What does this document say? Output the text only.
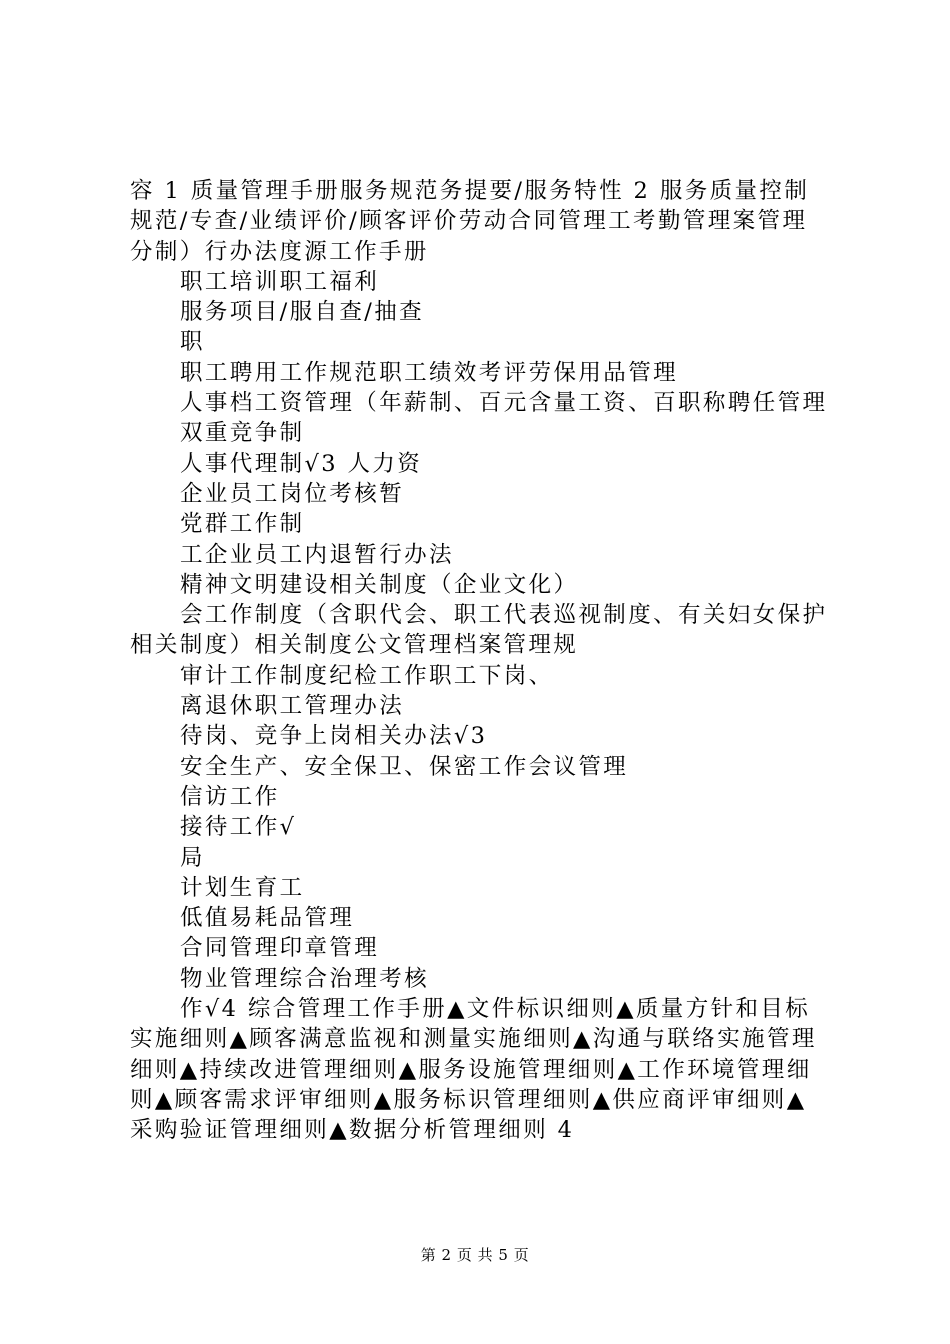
容 1 质量管理手册服务规范务提要/服务特性 2 服务质量控制规范/专查/业绩评价/顾客评价劳动合同管理工考勤管理案管理分制）行办法度源工作手册

职工培训职工福利

服务项目/服自查/抽查

职

职工聘用工作规范职工绩效考评劳保用品管理

人事档工资管理（年薪制、百元含量工资、百职称聘任管理

双重竞争制

人事代理制√3 人力资

企业员工岗位考核暂

党群工作制

工企业员工内退暂行办法

精神文明建设相关制度（企业文化）

会工作制度（含职代会、职工代表巡视制度、有关妇女保护相关制度）相关制度公文管理档案管理规

审计工作制度纪检工作职工下岗、

离退休职工管理办法

待岗、竞争上岗相关办法√3

安全生产、安全保卫、保密工作会议管理

信访工作

接待工作√

局

计划生育工

低值易耗品管理

合同管理印章管理

物业管理综合治理考核

作√4 综合管理工作手册▲文件标识细则▲质量方针和目标实施细则▲顾客满意监视和测量实施细则▲沟通与联络实施管理细则▲持续改进管理细则▲服务设施管理细则▲工作环境管理细则▲顾客需求评审细则▲服务标识管理细则▲供应商评审细则▲采购验证管理细则▲数据分析管理细则 4

第 2 页 共 5 页
